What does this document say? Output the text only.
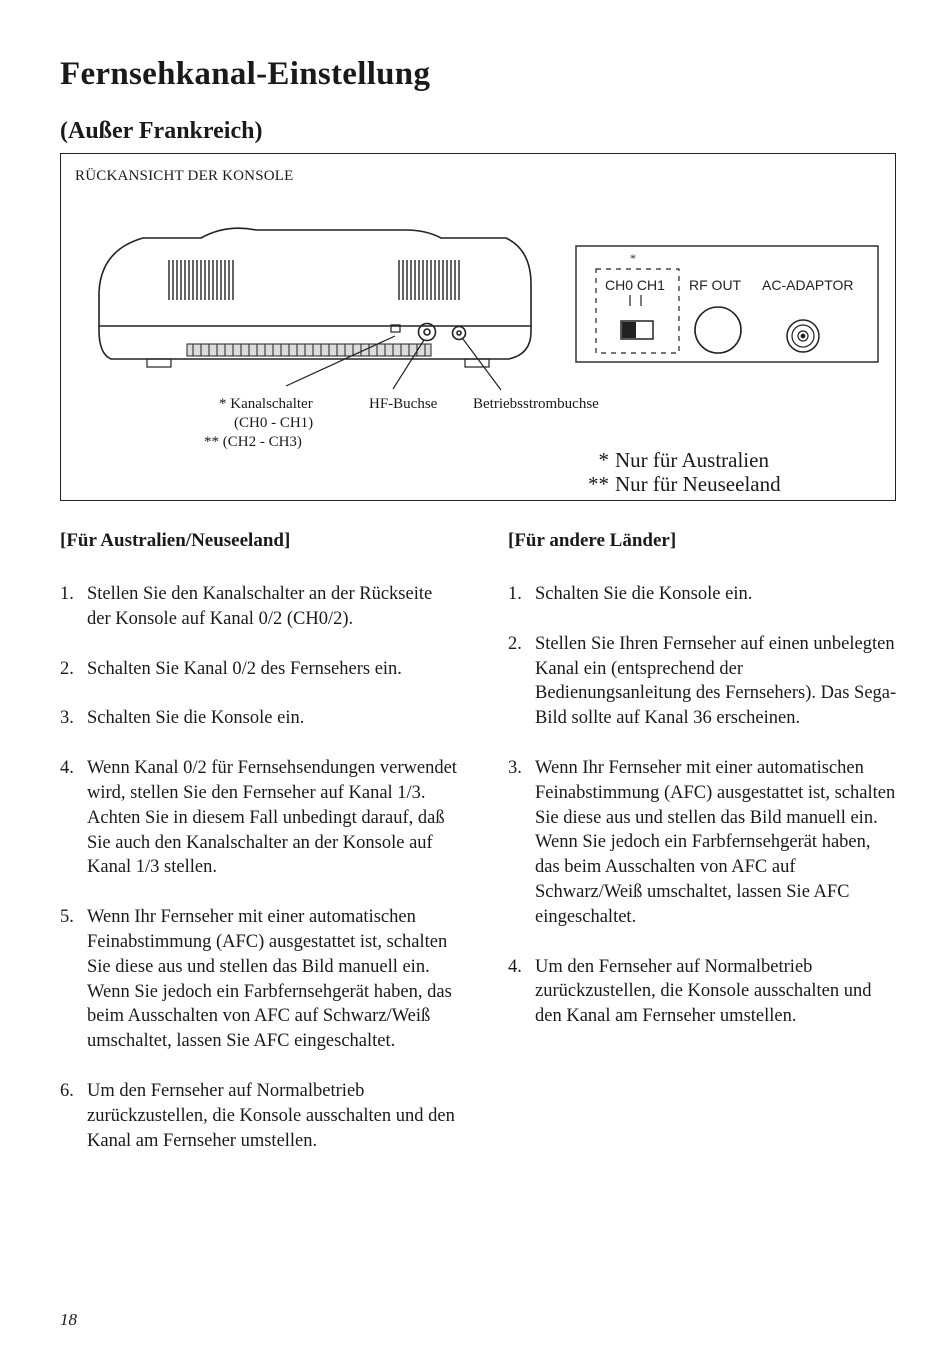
Fernsehkanal-Einstellung
(Außer Frankreich)
RÜCKANSICHT DER KONSOLE
*
CH0 CH1 RF OUT AC-ADAPTOR
* Kanalschalter
(CH0 - CH1)
** (CH2 - CH3)
HF-Buchse Betriebsstrombuchse
* Nur für Australien
** Nur für Neuseeland
[Für Australien/Neuseeland]
1. Stellen Sie den Kanalschalter an der Rückseite der Konsole auf Kanal 0/2 (CH0/2).
2. Schalten Sie Kanal 0/2 des Fernsehers ein.
3. Schalten Sie die Konsole ein.
4. Wenn Kanal 0/2 für Fernsehsendungen verwendet wird, stellen Sie den Fernseher auf Kanal 1/3. Achten Sie in diesem Fall unbedingt darauf, daß Sie auch den Kanalschalter an der Konsole auf Kanal 1/3 stellen.
5. Wenn Ihr Fernseher mit einer automatischen Feinabstimmung (AFC) ausgestattet ist, schalten Sie diese aus und stellen das Bild manuell ein. Wenn Sie jedoch ein Farbfernsehgerät haben, das beim Ausschalten von AFC auf Schwarz/Weiß umschaltet, lassen Sie AFC eingeschaltet.
6. Um den Fernseher auf Normalbetrieb zurückzustellen, die Konsole ausschalten und den Kanal am Fernseher umstellen.
[Für andere Länder]
1. Schalten Sie die Konsole ein.
2. Stellen Sie Ihren Fernseher auf einen unbelegten Kanal ein (entsprechend der Bedienungsanleitung des Fernsehers). Das Sega-Bild sollte auf Kanal 36 erscheinen.
3. Wenn Ihr Fernseher mit einer automatischen Feinabstimmung (AFC) ausgestattet ist, schalten Sie diese aus und stellen das Bild manuell ein. Wenn Sie jedoch ein Farbfernsehgerät haben, das beim Ausschalten von AFC auf Schwarz/Weiß umschaltet, lassen Sie AFC eingeschaltet.
4. Um den Fernseher auf Normalbetrieb zurückzustellen, die Konsole ausschalten und den Kanal am Fernseher umstellen.
18
